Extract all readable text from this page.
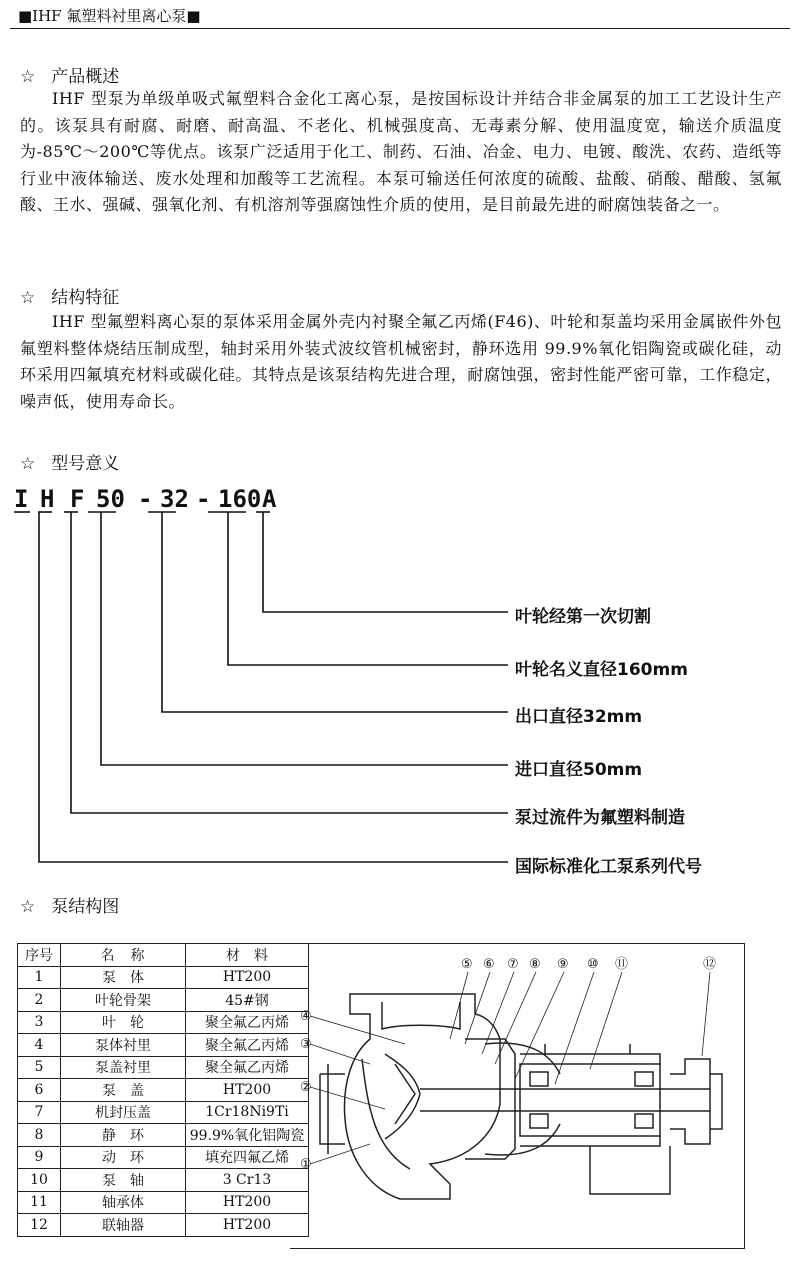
■IHF 氟塑料衬里离心泵■
☆ 产品概述
IHF 型泵为单级单吸式氟塑料合金化工离心泵，是按国标设计并结合非金属泵的加工工艺设计生产的。该泵具有耐腐、耐磨、耐高温、不老化、机械强度高、无毒素分解、使用温度宽，输送介质温度为-85℃～200℃等优点。该泵广泛适用于化工、制药、石油、冶金、电力、电镀、酸洗、农药、造纸等行业中液体输送、废水处理和加酸等工艺流程。本泵可输送任何浓度的硫酸、盐酸、硝酸、醋酸、氢氟酸、王水、强碱、强氧化剂、有机溶剂等强腐蚀性介质的使用，是目前最先进的耐腐蚀装备之一。
☆ 结构特征
IHF 型氟塑料离心泵的泵体采用金属外壳内衬聚全氟乙丙烯(F46)、叶轮和泵盖均采用金属嵌件外包氟塑料整体烧结压制成型，轴封采用外装式波纹管机械密封，静环选用 99.9%氧化铝陶瓷或碳化硅，动环采用四氟填充材料或碳化硅。其特点是该泵结构先进合理，耐腐蚀强，密封性能严密可靠，工作稳定，噪声低，使用寿命长。
☆ 型号意义
I H F 50 - 32 - 160 A
叶轮经第一次切割
叶轮名义直径160mm
出口直径32mm
进口直径50mm
泵过流件为氟塑料制造
国际标准化工泵系列代号
☆ 泵结构图
序号	名　称	材　料
1	泵　体	HT200
2	叶轮骨架	45#钢
3	叶　轮	聚全氟乙丙烯
4	泵体衬里	聚全氟乙丙烯
5	泵盖衬里	聚全氟乙丙烯
6	泵　盖	HT200
7	机封压盖	1Cr18Ni9Ti
8	静　环	99.9%氧化铝陶瓷
9	动　环	填充四氟乙烯
10	泵　轴	3 Cr13
11	轴承体	HT200
12	联轴器	HT200
①
②
③
④
⑤ ⑥ ⑦ ⑧ ⑨ ⑩ ⑪	⑫
